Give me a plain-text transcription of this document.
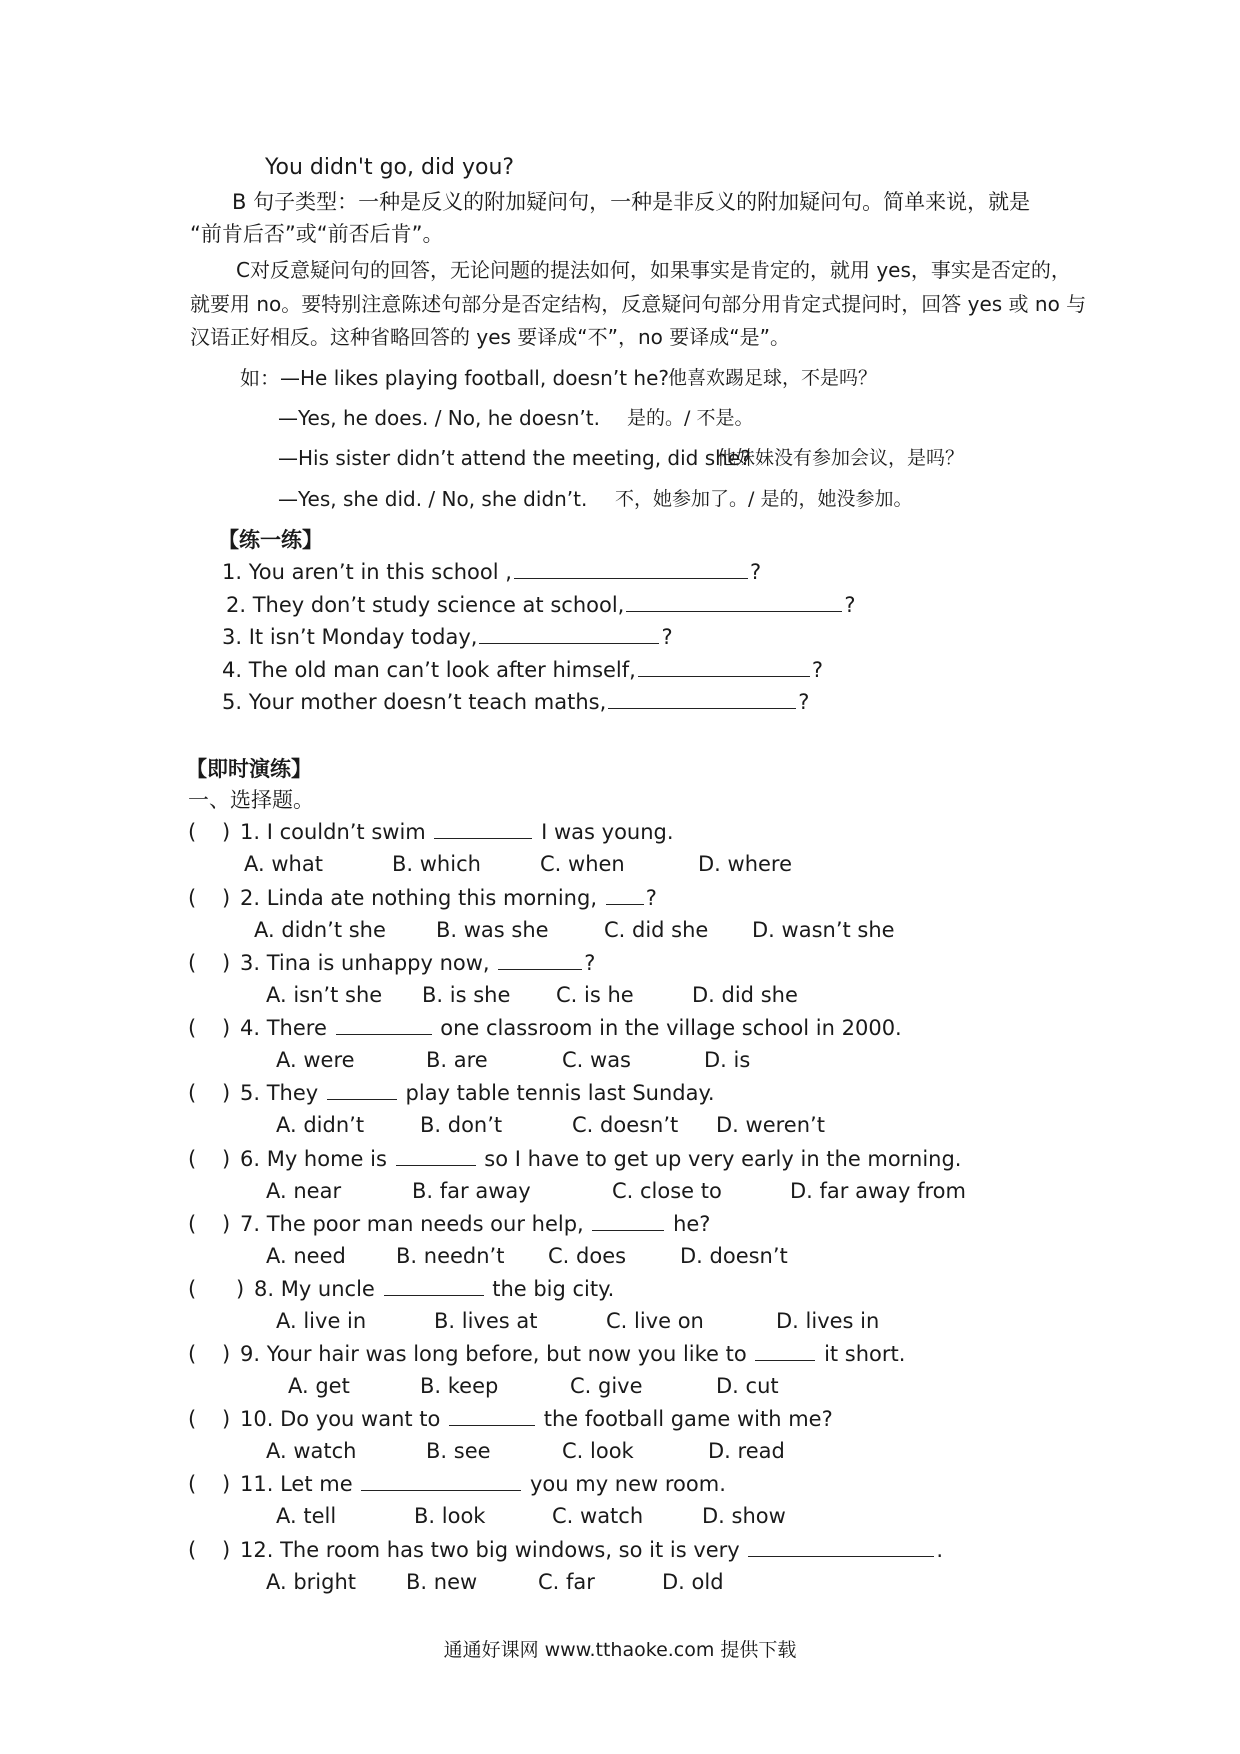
You didn't go, did you?
B 句子类型：一种是反义的附加疑问句，一种是非反义的附加疑问句。简单来说，就是
“前肯后否”或“前否后肯”。
C对反意疑问句的回答，无论问题的提法如何，如果事实是肯定的，就用 yes，事实是否定的，
就要用 no。要特别注意陈述句部分是否定结构，反意疑问句部分用肯定式提问时，回答 yes 或 no 与
汉语正好相反。这种省略回答的 yes 要译成“不”，no 要译成“是”。
如：—He likes playing football, doesn’t he?
他喜欢踢足球，不是吗？
—Yes, he does. / No, he doesn’t. 是的。/ 不是。
—His sister didn’t attend the meeting, did she?
他妹妹没有参加会议，是吗？
—Yes, she did. / No, she didn’t. 不，她参加了。/ 是的，她没参加。
【练一练】
1. You aren’t in this school ,	?
2. They don’t study science at school,	?
3. It isn’t Monday today,	?
4. The old man can’t look after himself,	?
5. Your mother doesn’t teach maths,	?
【即时演练】
一、选择题。
( ) 1. I couldn’t swim	I was young.
A. what	B. which	C. when	D. where
( ) 2. Linda ate nothing this morning, ?
A. didn’t she B. was she	C. did she D. wasn’t she
( ) 3. Tina is unhappy now,	?
A. isn’t she B. is she C. is he	D. did she
( ) 4. There	one classroom in the village school in 2000.
A. were	B. are	C. was	D. is
( ) 5. They	play table tennis last Sunday.
A. didn’t	B. don’t	C. doesn’t D. weren’t
( ) 6. My home is	so I have to get up very early in the morning.
A. near	B. far away	C. close to	D. far away from
( ) 7. The poor man needs our help,	he?
A. need B. needn’t C. does	D. doesn’t
( ) 8. My uncle	the big city.
A. live in	B. lives at	C. live on	D. lives in
( ) 9. Your hair was long before, but now you like to	it short.
A. get	B. keep	C. give	D. cut
( ) 10. Do you want to	the football game with me?
A. watch	B. see	C. look	D. read
( ) 11. Let me	you my new room.
A. tell	B. look	C. watch	D. show
( ) 12. The room has two big windows, so it is very	.
A. bright B. new	C. far	D. old
通通好课网 www.tthaoke.com 提供下载
